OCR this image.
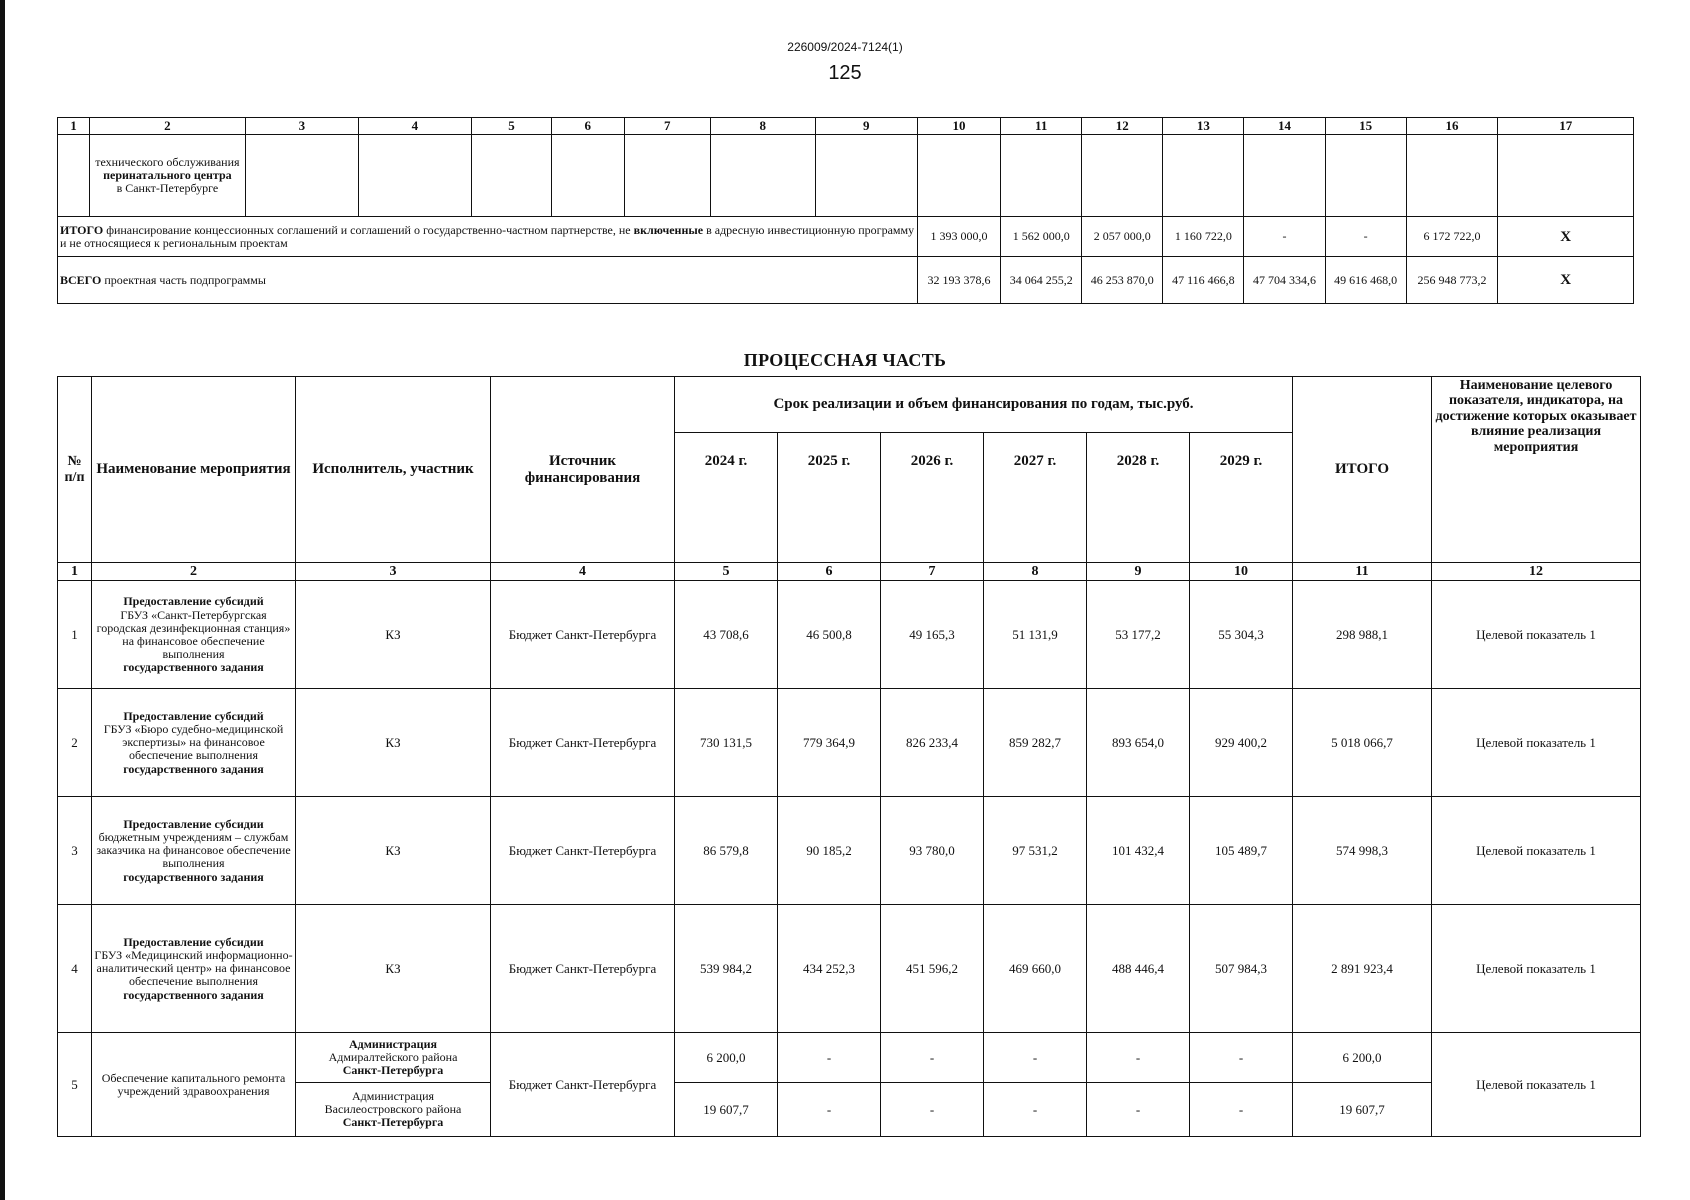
226009/2024-7124(1)
125
1	2	3	4	5	6	7	8	9	10	11	12	13	14	15	16	17
	технического обслуживания
перинатального центра
в Санкт-Петербурге															
ИТОГО финансирование концессионных соглашений и соглашений о государственно-частном партнерстве, не включенные в адресную инвестиционную программу и не относящиеся к региональным проектам									1 393 000,0	1 562 000,0	2 057 000,0	1 160 722,0	-	-	6 172 722,0	X
ВСЕГО проектная часть подпрограммы									32 193 378,6	34 064 255,2	46 253 870,0	47 116 466,8	47 704 334,6	49 616 468,0	256 948 773,2	X
ПРОЦЕССНАЯ ЧАСТЬ
№ п/п	Наименование мероприятия	Исполнитель, участник	Источник финансирования	Срок реализации и объем финансирования по годам, тыс.руб.						ИТОГО	Наименование целевого показателя, индикатора, на достижение которых оказывает влияние реализация мероприятия
				2024 г.	2025 г.	2026 г.	2027 г.	2028 г.	2029 г.		
1	2	3	4	5	6	7	8	9	10	11	12
1	Предоставление субсидий
ГБУЗ «Санкт-Петербургская городская дезинфекционная станция» на финансовое обеспечение выполнения
государственного задания	КЗ	Бюджет Санкт-Петербурга	43 708,6	46 500,8	49 165,3	51 131,9	53 177,2	55 304,3	298 988,1	Целевой показатель 1
2	Предоставление субсидий
ГБУЗ «Бюро судебно-медицинской экспертизы» на финансовое обеспечение выполнения
государственного задания	КЗ	Бюджет Санкт-Петербурга	730 131,5	779 364,9	826 233,4	859 282,7	893 654,0	929 400,2	5 018 066,7	Целевой показатель 1
3	Предоставление субсидии
бюджетным учреждениям – службам заказчика на финансовое обеспечение выполнения
государственного задания	КЗ	Бюджет Санкт-Петербурга	86 579,8	90 185,2	93 780,0	97 531,2	101 432,4	105 489,7	574 998,3	Целевой показатель 1
4	Предоставление субсидии
ГБУЗ «Медицинский информационно-аналитический центр» на финансовое обеспечение выполнения
государственного задания	КЗ	Бюджет Санкт-Петербурга	539 984,2	434 252,3	451 596,2	469 660,0	488 446,4	507 984,3	2 891 923,4	Целевой показатель 1
5	Обеспечение капитального ремонта учреждений здравоохранения	Администрация
Адмиралтейского района
Санкт-Петербурга	Бюджет Санкт-Петербурга	6 200,0	-	-	-	-	-	6 200,0	Целевой показатель 1

		Администрация
Василеостровского района
Санкт-Петербурга		19 607,7	-	-	-	-	-	19 607,7	
